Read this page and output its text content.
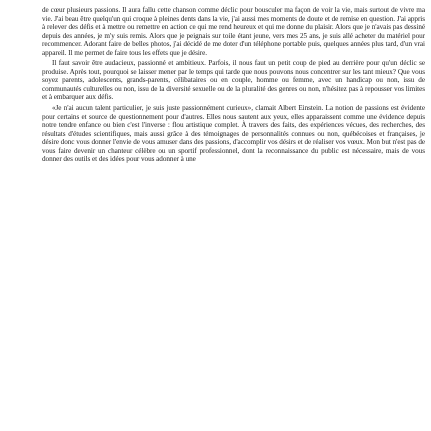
de cœur plusieurs passions. Il aura fallu cette chanson comme déclic pour bousculer ma façon de voir la vie, mais surtout de vivre ma vie. J'ai beau être quelqu'un qui croque à pleines dents dans la vie, j'ai aussi mes moments de doute et de remise en question. J'ai appris à relever des défis et à mettre ou remettre en action ce qui me rend heureux et qui me donne du plaisir. Alors que je n'avais pas dessiné depuis des années, je m'y suis remis. Alors que je peignais sur toile étant jeune, vers mes 25 ans, je suis allé acheter du matériel pour recommencer. Adorant faire de belles photos, j'ai décidé de me doter d'un téléphone portable puis, quelques années plus tard, d'un vrai appareil. Il me permet de faire tous les effets que je désire.

Il faut savoir être audacieux, passionné et ambitieux. Parfois, il nous faut un petit coup de pied au derrière pour qu'un déclic se produise. Après tout, pourquoi se laisser mener par le temps qui tarde que nous pouvons nous concentrer sur les tant mieux? Que vous soyez parents, adolescents, grands-parents, célibataires ou en couple, homme ou femme, avec un handicap ou non, issu de communautés culturelles ou non, issu de la diversité sexuelle ou de la pluralité des genres ou non, n'hésitez pas à repousser vos limites et à embarquer aux défis.

«Je n'ai aucun talent particulier, je suis juste passionnément curieux», clamait Albert Einstein. La notion de passions est évidente pour certains et source de questionnement pour d'autres. Elles nous sautent aux yeux, elles apparaissent comme une évidence depuis notre tendre enfance ou bien c'est l'inverse : flou artistique complet. À travers des faits, des expériences vécues, des recherches, des résultats d'études scientifiques, mais aussi grâce à des témoignages de personnalités connues ou non, québécoises et françaises, je désire donc vous donner l'envie de vous amuser dans des passions, d'accomplir vos désirs et de réaliser vos vœux. Mon but n'est pas de vous faire devenir un chanteur célèbre ou un sportif professionnel, dont la reconnaissance du public est nécessaire, mais de vous donner des outils et des idées pour vous adonner à une
